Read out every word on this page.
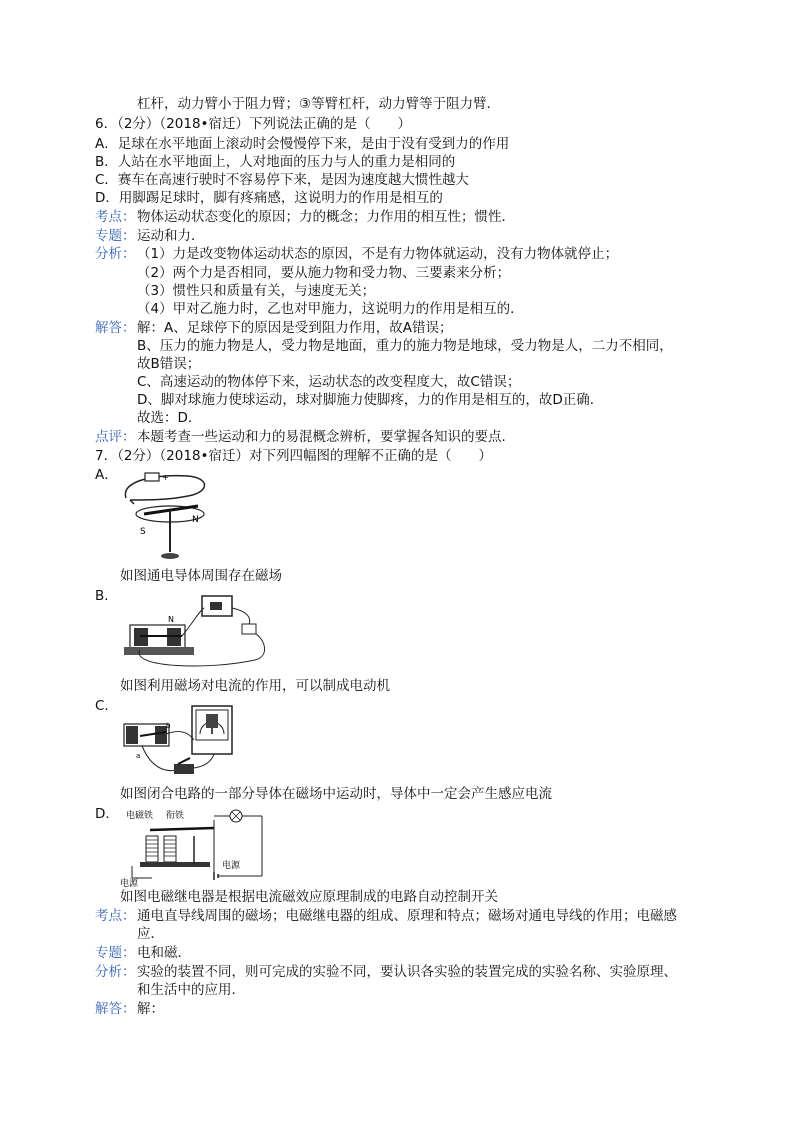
杠杆，动力臂小于阻力臂；③等臂杠杆，动力臂等于阻力臂．
6．（2分）（2018•宿迁）下列说法正确的是（　　）
A．足球在水平地面上滚动时会慢慢停下来，是由于没有受到力的作用
B．人站在水平地面上，人对地面的压力与人的重力是相同的
C．赛车在高速行驶时不容易停下来，是因为速度越大惯性越大
D．用脚踢足球时，脚有疼痛感，这说明力的作用是相互的
考点： 物体运动状态变化的原因；力的概念；力作用的相互性；惯性．
专题： 运动和力．
分析： （1）力是改变物体运动状态的原因，不是有力物体就运动，没有力物体就停止；
（2）两个力是否相同，要从施力物和受力物、三要素来分析；
（3）惯性只和质量有关，与速度无关；
（4）甲对乙施力时，乙也对甲施力，这说明力的作用是相互的．
解答： 解：A、足球停下的原因是受到阻力作用，故A错误；
B、压力的施力物是人，受力物是地面，重力的施力物是地球，受力物是人，二力不相同，
故B错误；
C、高速运动的物体停下来，运动状态的改变程度大，故C错误；
D、脚对球施力使球运动，球对脚施力使脚疼，力的作用是相互的，故D正确．
故选：D．
点评： 本题考查一些运动和力的易混概念辨析，要掌握各知识的要点．
7．（2分）（2018•宿迁）对下列四幅图的理解不正确的是（　　）
A．
S
N
+
如图通电导体周围存在磁场
B．
N
如图利用磁场对电流的作用，可以制成电动机
C．
a
b
如图闭合电路的一部分导体在磁场中运动时，导体中一定会产生感应电流
D． 电磁铁 衔铁
电源
电源
如图电磁继电器是根据电流磁效应原理制成的电路自动控制开关
考点： 通电直导线周围的磁场；电磁继电器的组成、原理和特点；磁场对通电导线的作用；电磁感
应．
专题： 电和磁．
分析： 实验的装置不同，则可完成的实验不同，要认识各实验的装置完成的实验名称、实验原理、
和生活中的应用．
解答： 解：
